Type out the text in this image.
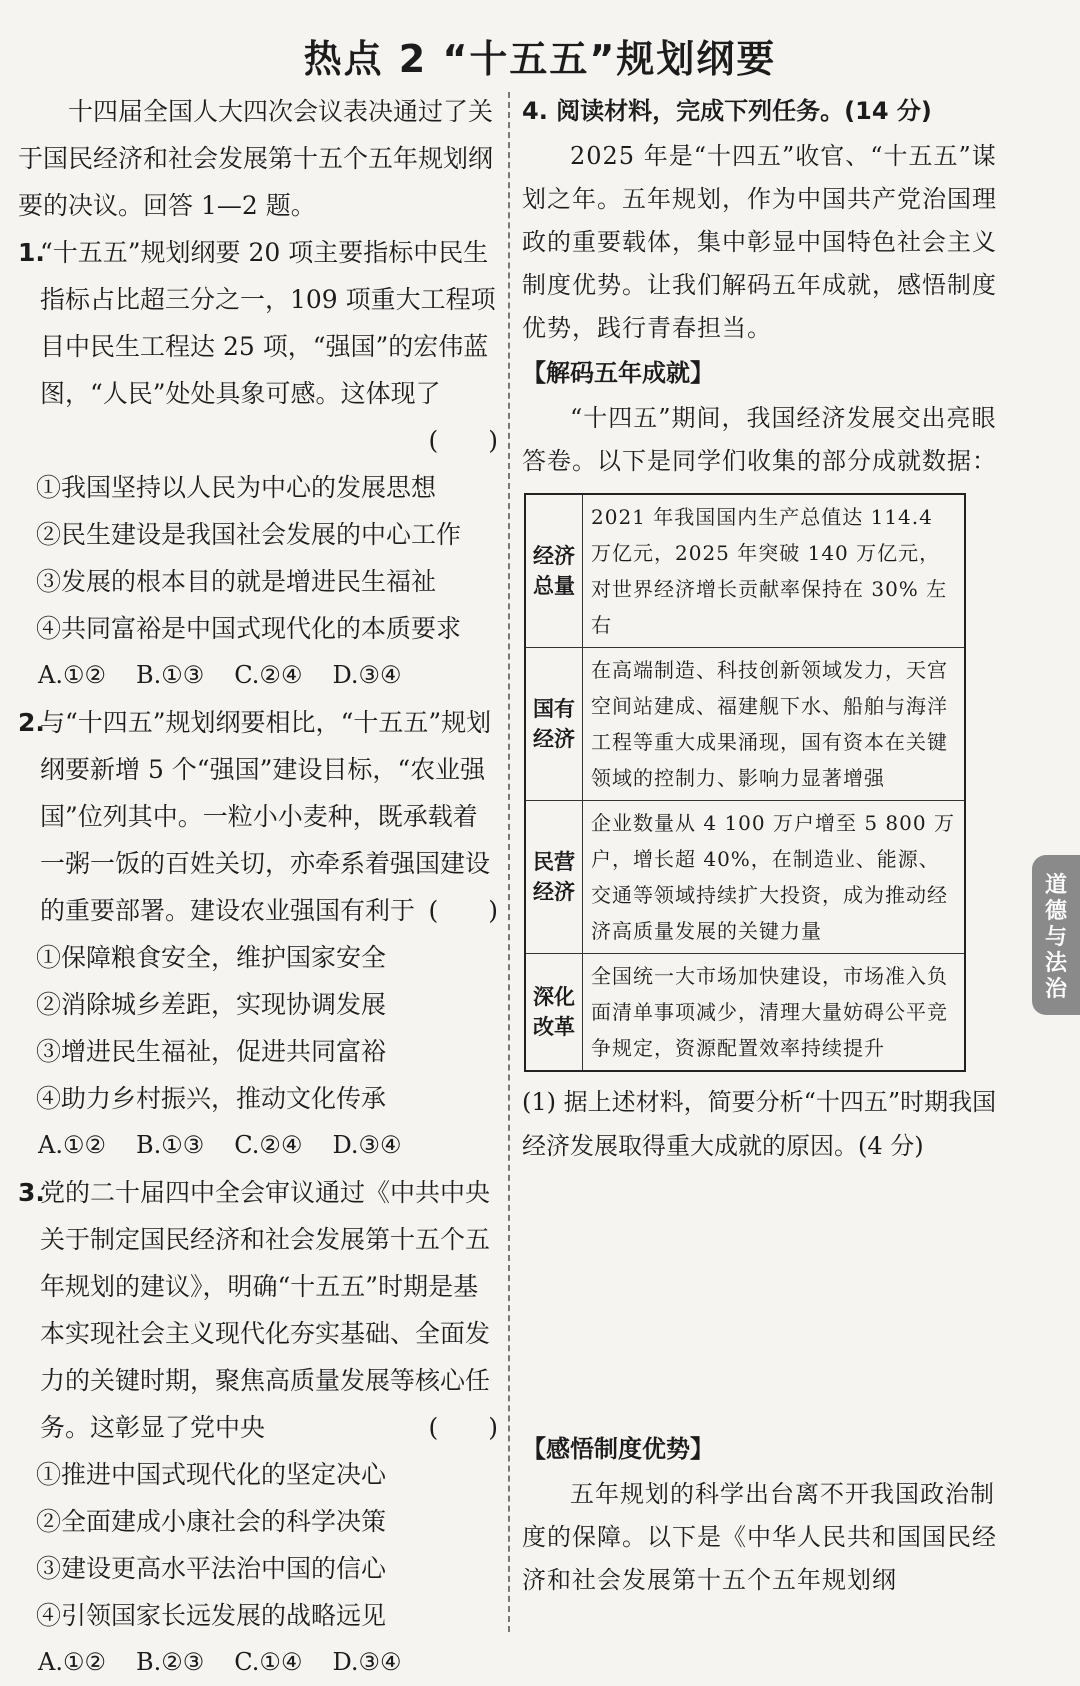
热点 2 “十五五”规划纲要

十四届全国人大四次会议表决通过了关于国民经济和社会发展第十五个五年规划纲要的决议。回答 1—2 题。

1.
“十五五”规划纲要 20 项主要指标中民生指标占比超三分之一，109 项重大工程项目中民生工程达 25 项，“强国”的宏伟蓝图，“人民”处处具象可感。这体现了
(　　)
①我国坚持以人民为中心的发展思想
②民生建设是我国社会发展的中心工作
③发展的根本目的就是增进民生福祉
④共同富裕是中国式现代化的本质要求
A.①② B.①③ C.②④ D.③④
2.
与“十四五”规划纲要相比，“十五五”规划纲要新增 5 个“强国”建设目标，“农业强国”位列其中。一粒小小麦种，既承载着一粥一饭的百姓关切，亦牵系着强国建设的重要部署。建设农业强国有利于 (　　)
①保障粮食安全，维护国家安全
②消除城乡差距，实现协调发展
③增进民生福祉，促进共同富裕
④助力乡村振兴，推动文化传承
A.①② B.①③ C.②④ D.③④
3.
党的二十届四中全会审议通过《中共中央关于制定国民经济和社会发展第十五个五年规划的建议》，明确“十五五”时期是基本实现社会主义现代化夯实基础、全面发力的关键时期，聚焦高质量发展等核心任务。这彰显了党中央	(　　)
①推进中国式现代化的坚定决心
②全面建成小康社会的科学决策
③建设更高水平法治中国的信心
④引领国家长远发展的战略远见
A.①② B.②③ C.①④ D.③④
4. 阅读材料，完成下列任务。(14 分)
2025 年是“十四五”收官、“十五五”谋划之年。五年规划，作为中国共产党治国理政的重要载体，集中彰显中国特色社会主义制度优势。让我们解码五年成就，感悟制度优势，践行青春担当。
【解码五年成就】
“十四五”期间，我国经济发展交出亮眼答卷。以下是同学们收集的部分成就数据：
经济总量	2021 年我国国内生产总值达 114.4 万亿元，2025 年突破 140 万亿元，对世界经济增长贡献率保持在 30% 左右
国有经济	在高端制造、科技创新领域发力，天宫空间站建成、福建舰下水、船舶与海洋工程等重大成果涌现，国有资本在关键领域的控制力、影响力显著增强
民营经济	企业数量从 4 100 万户增至 5 800 万户，增长超 40%，在制造业、能源、交通等领域持续扩大投资，成为推动经济高质量发展的关键力量
深化改革	全国统一大市场加快建设，市场准入负面清单事项减少，清理大量妨碍公平竞争规定，资源配置效率持续提升
(1) 据上述材料，简要分析“十四五”时期我国经济发展取得重大成就的原因。(4 分)
【感悟制度优势】
五年规划的科学出台离不开我国政治制度的保障。以下是《中华人民共和国国民经济和社会发展第十五个五年规划纲
道德与法治
